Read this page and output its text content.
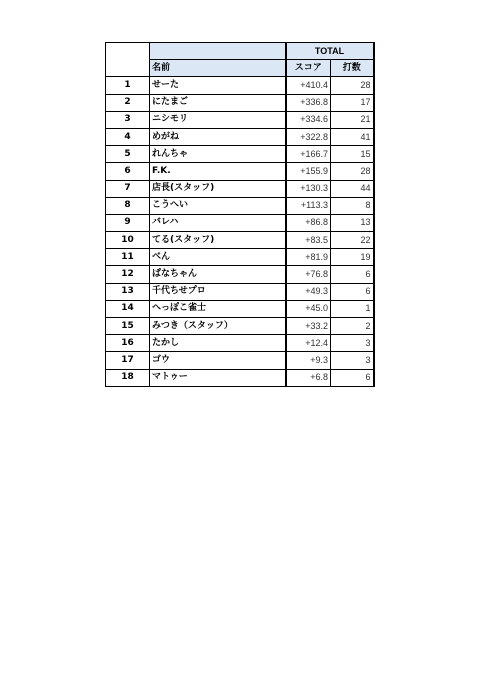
		TOTAL	
	名前	スコア	打数
1	せーた	+410.4	28
2	にたまご	+336.8	17
3	ニシモリ	+334.6	21
4	めがね	+322.8	41
5	れんちゃ	+166.7	15
6	F.K.	+155.9	28
7	店長(スタッフ)	+130.3	44
8	こうへい	+113.3	8
9	バレハ	+86.8	13
10	てる(スタッフ)	+83.5	22
11	べん	+81.9	19
12	ぱなちゃん	+76.8	6
13	千代ちせプロ	+49.3	6
14	へっぽこ雀士	+45.0	1
15	みつき（スタッフ）	+33.2	2
16	たかし	+12.4	3
17	ゴウ	+9.3	3
18	マトゥー	+6.8	6
